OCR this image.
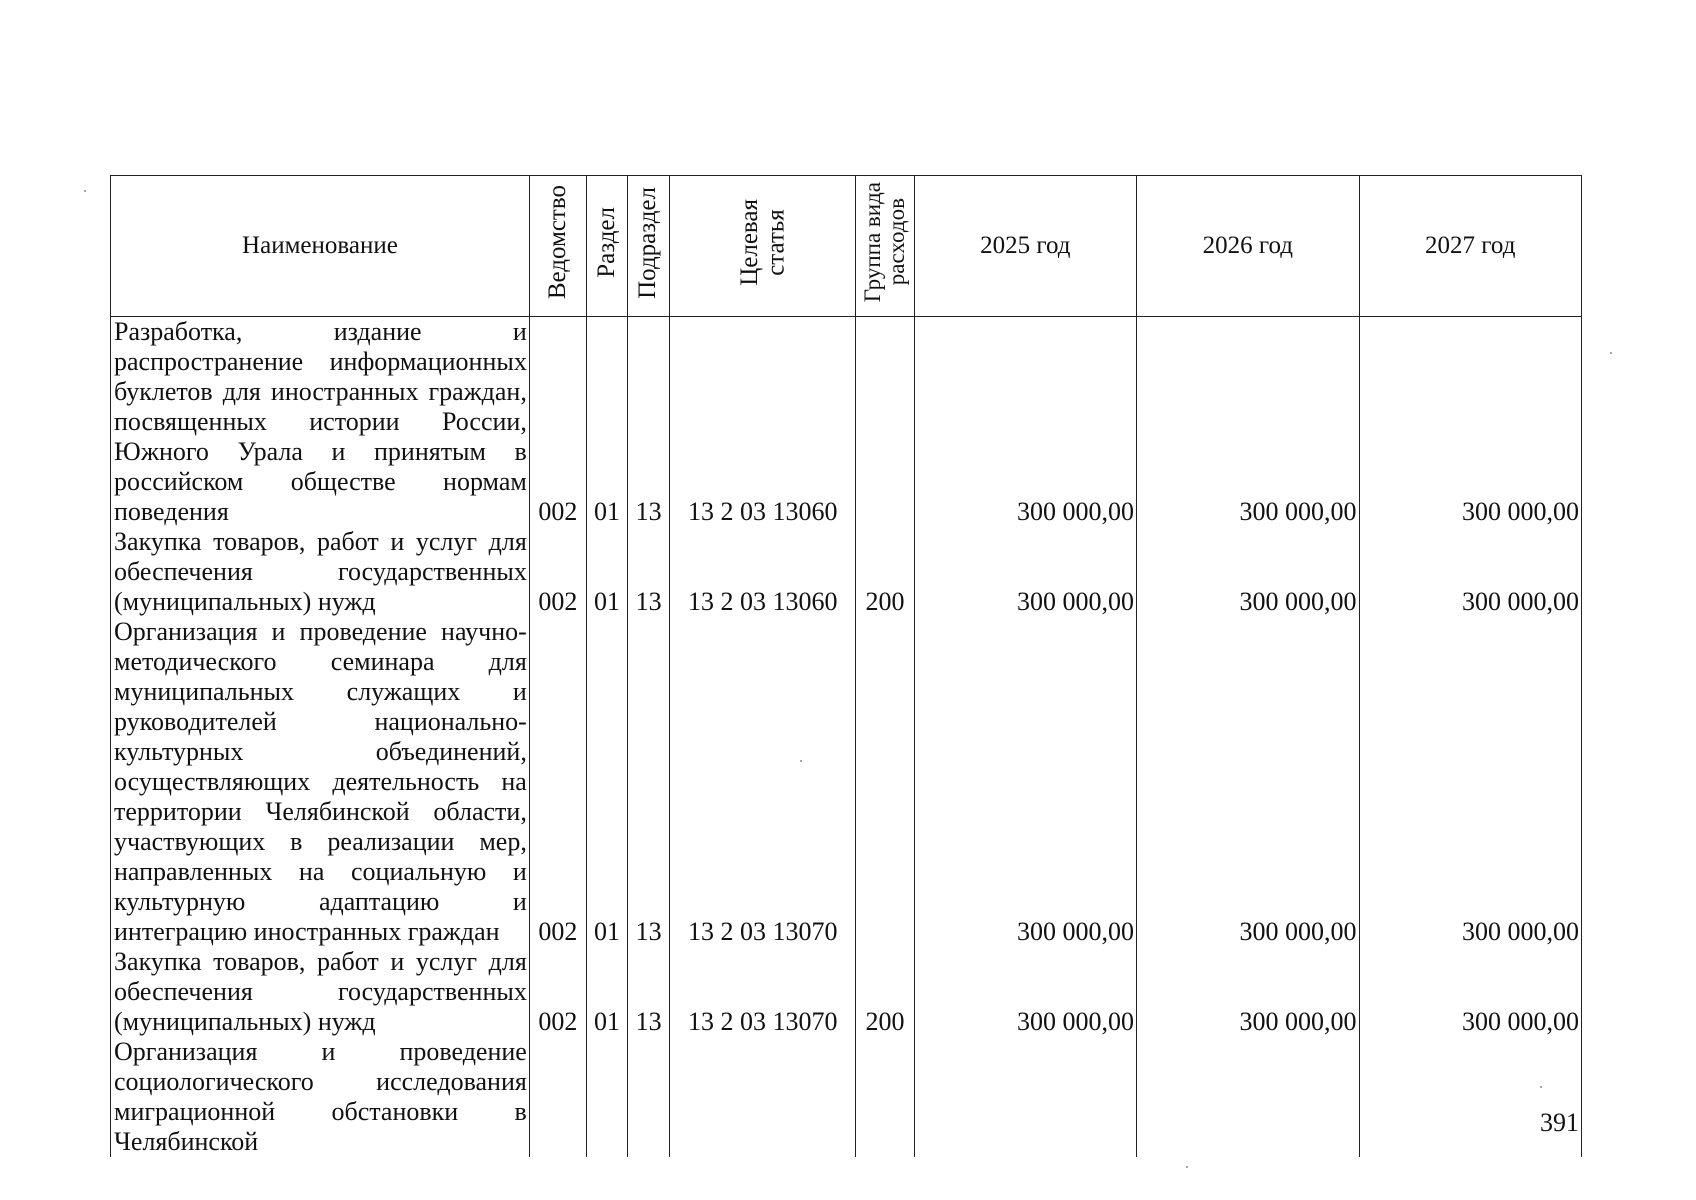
Наименование	Ведомство	Раздел	Подраздел	Целевая статья	Группа вида расходов	2025 год	2026 год	2027 год
Разработка, издание и распространение информационных буклетов для иностранных граждан, посвященных истории России, Южного Урала и принятым в российском обществе нормам поведения	002	01	13	13 2 03 13060		300 000,00	300 000,00	300 000,00
Закупка товаров, работ и услуг для обеспечения государственных (муниципальных) нужд	002	01	13	13 2 03 13060	200	300 000,00	300 000,00	300 000,00
Организация и проведение научно-методического семинара для муниципальных служащих и руководителей национально-культурных объединений, осуществляющих деятельность на территории Челябинской области, участвующих в реализации мер, направленных на социальную и культурную адаптацию и интеграцию иностранных граждан	002	01	13	13 2 03 13070		300 000,00	300 000,00	300 000,00
Закупка товаров, работ и услуг для обеспечения государственных (муниципальных) нужд	002	01	13	13 2 03 13070	200	300 000,00	300 000,00	300 000,00
Организация и проведение социологического исследования миграционной обстановки в Челябинской								
391
